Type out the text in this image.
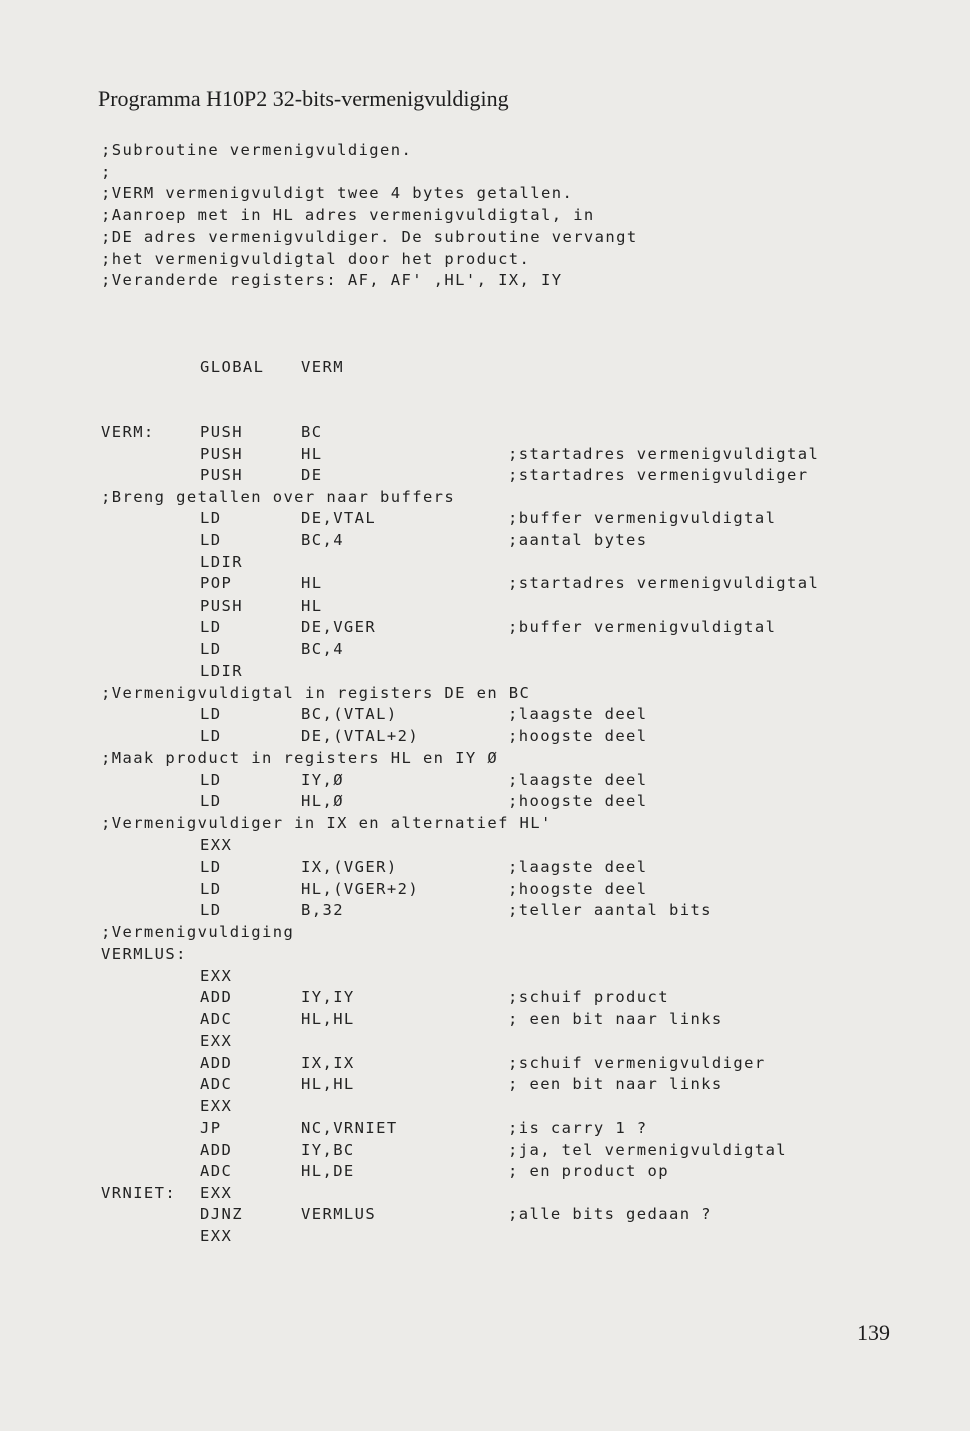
Programma H10P2 32-bits-vermenigvuldiging
;Subroutine vermenigvuldigen.
;
;VERM vermenigvuldigt twee 4 bytes getallen.
;Aanroep met in HL adres vermenigvuldigtal, in
;DE adres vermenigvuldiger. De subroutine vervangt
;het vermenigvuldigtal door het product.
;Veranderde registers: AF, AF' ,HL', IX, IY
GLOBAL VERM
VERM:	PUSH	BC
PUSH	HL	;startadres vermenigvuldigtal
PUSH	DE	;startadres vermenigvuldiger
;Breng getallen over naar buffers
LD	DE,VTAL	;buffer vermenigvuldigtal
LD	BC,4	;aantal bytes
LDIR
POP	HL	;startadres vermenigvuldigtal
PUSH	HL
LD	DE,VGER	;buffer vermenigvuldigtal
LD	BC,4
LDIR
;Vermenigvuldigtal in registers DE en BC
LD	BC,(VTAL)	;laagste deel
LD	DE,(VTAL+2)	;hoogste deel
;Maak product in registers HL en IY Ø
LD	IY,Ø	;laagste deel
LD	HL,Ø	;hoogste deel
;Vermenigvuldiger in IX en alternatief HL'
EXX
LD	IX,(VGER)	;laagste deel
LD	HL,(VGER+2)	;hoogste deel
LD	B,32	;teller aantal bits
;Vermenigvuldiging
VERMLUS:
EXX
ADD	IY,IY	;schuif product
ADC	HL,HL	; een bit naar links
EXX
ADD	IX,IX	;schuif vermenigvuldiger
ADC	HL,HL	; een bit naar links
EXX
JP	NC,VRNIET	;is carry 1 ?
ADD	IY,BC	;ja, tel vermenigvuldigtal
ADC	HL,DE	; en product op
VRNIET: EXX
DJNZ	VERMLUS	;alle bits gedaan ?
EXX
139
